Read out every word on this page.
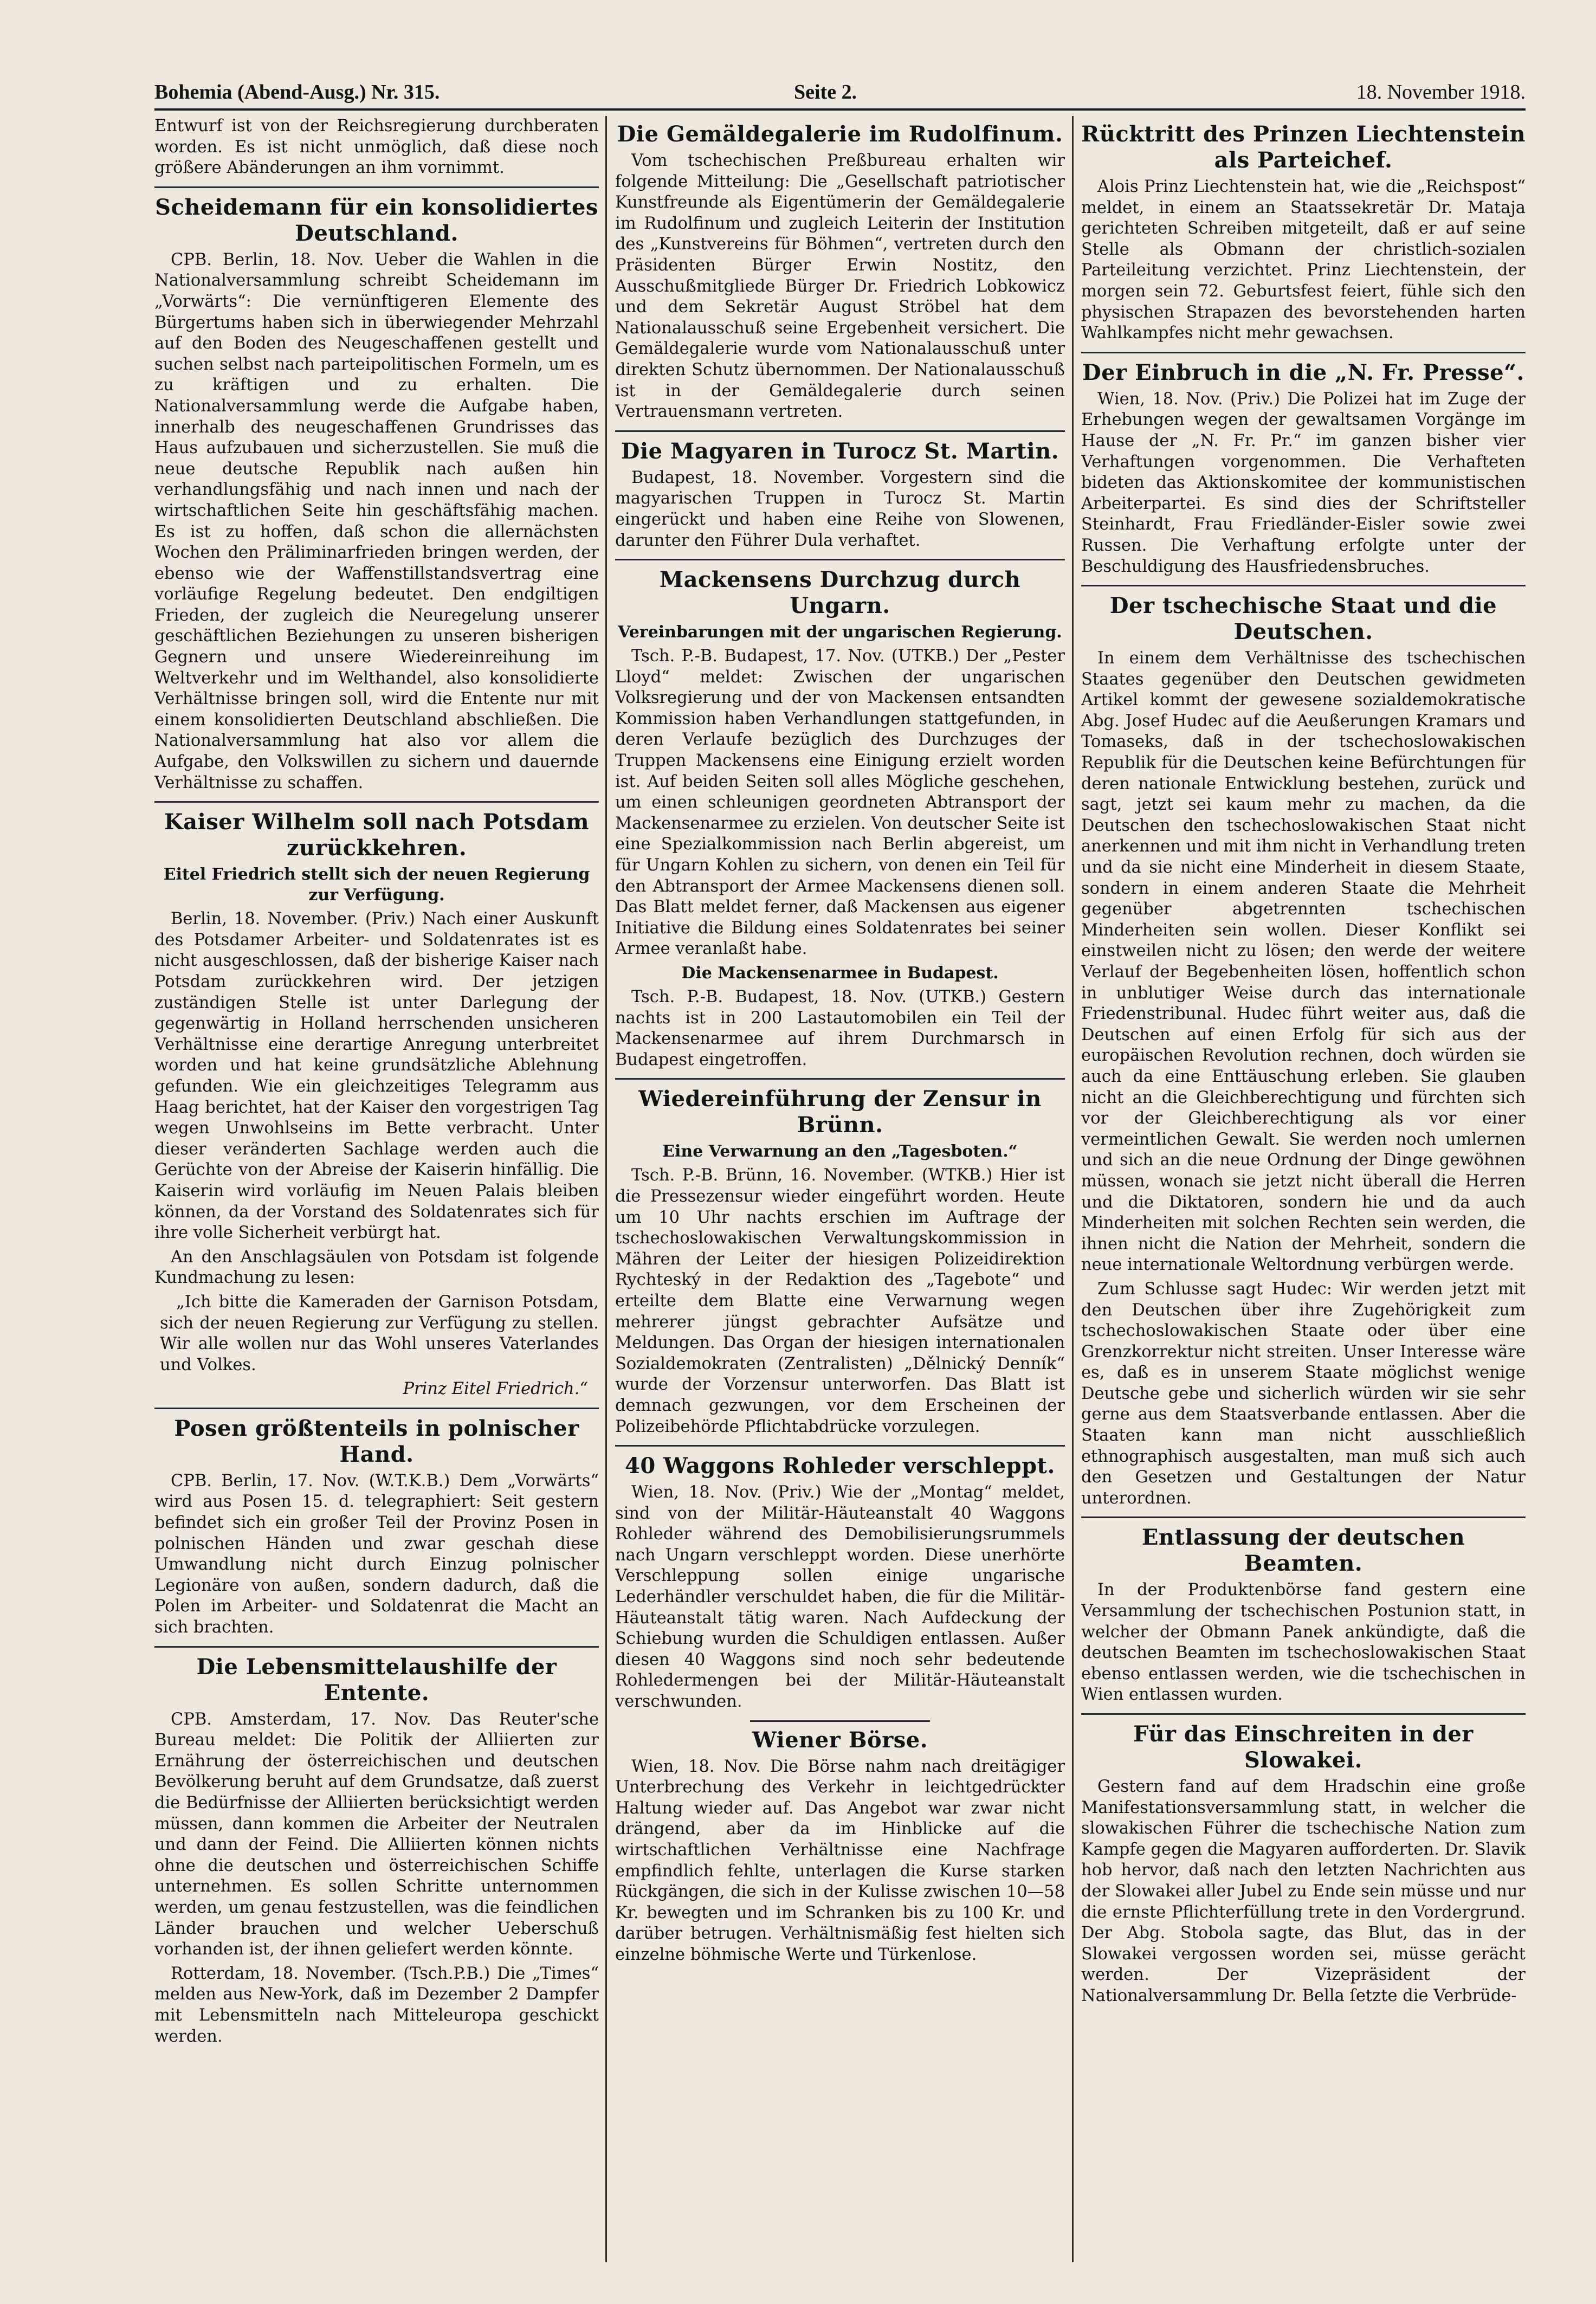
Bohemia (Abend-Ausg.) Nr. 315.	Seite 2.	18. November 1918.

Entwurf ist von der Reichsregierung durchberaten worden. Es ist nicht unmöglich, daß diese noch größere Abänderungen an ihm vornimmt.

Scheidemann für ein konsolidiertes Deutschland.

CPB. Berlin, 18. Nov. Ueber die Wahlen in die Nationalversammlung schreibt Scheidemann im „Vorwärts“: Die vernünftigeren Elemente des Bürgertums haben sich in überwiegender Mehrzahl auf den Boden des Neugeschaffenen gestellt und suchen selbst nach parteipolitischen Formeln, um es zu kräftigen und zu erhalten. Die Nationalversammlung werde die Aufgabe haben, innerhalb des neugeschaffenen Grundrisses das Haus aufzubauen und sicherzustellen. Sie muß die neue deutsche Republik nach außen hin verhandlungsfähig und nach innen und nach der wirtschaftlichen Seite hin geschäftsfähig machen. Es ist zu hoffen, daß schon die allernächsten Wochen den Präliminarfrieden bringen werden, der ebenso wie der Waffenstillstandsvertrag eine vorläufige Regelung bedeutet. Den endgiltigen Frieden, der zugleich die Neuregelung unserer geschäftlichen Beziehungen zu unseren bisherigen Gegnern und unsere Wiedereinreihung im Weltverkehr und im Welthandel, also konsolidierte Verhältnisse bringen soll, wird die Entente nur mit einem konsolidierten Deutschland abschließen. Die Nationalversammlung hat also vor allem die Aufgabe, den Volkswillen zu sichern und dauernde Verhältnisse zu schaffen.

Kaiser Wilhelm soll nach Potsdam zurückkehren.
Eitel Friedrich stellt sich der neuen Regierung zur Verfügung.

Berlin, 18. November. (Priv.) Nach einer Auskunft des Potsdamer Arbeiter- und Soldatenrates ist es nicht ausgeschlossen, daß der bisherige Kaiser nach Potsdam zurückkehren wird. Der jetzigen zuständigen Stelle ist unter Darlegung der gegenwärtig in Holland herrschenden unsicheren Verhältnisse eine derartige Anregung unterbreitet worden und hat keine grundsätzliche Ablehnung gefunden. Wie ein gleichzeitiges Telegramm aus Haag berichtet, hat der Kaiser den vorgestrigen Tag wegen Unwohlseins im Bette verbracht. Unter dieser veränderten Sachlage werden auch die Gerüchte von der Abreise der Kaiserin hinfällig. Die Kaiserin wird vorläufig im Neuen Palais bleiben können, da der Vorstand des Soldatenrates sich für ihre volle Sicherheit verbürgt hat.

An den Anschlagsäulen von Potsdam ist folgende Kundmachung zu lesen:

„Ich bitte die Kameraden der Garnison Potsdam, sich der neuen Regierung zur Verfügung zu stellen. Wir alle wollen nur das Wohl unseres Vaterlandes und Volkes.

Prinz Eitel Friedrich.“

Posen größtenteils in polnischer Hand.

CPB. Berlin, 17. Nov. (W.T.K.B.) Dem „Vorwärts“ wird aus Posen 15. d. telegraphiert: Seit gestern befindet sich ein großer Teil der Provinz Posen in polnischen Händen und zwar geschah diese Umwandlung nicht durch Einzug polnischer Legionäre von außen, sondern dadurch, daß die Polen im Arbeiter- und Soldatenrat die Macht an sich brachten.

Die Lebensmittelaushilfe der Entente.

CPB. Amsterdam, 17. Nov. Das Reuter'sche Bureau meldet: Die Politik der Alliierten zur Ernährung der österreichischen und deutschen Bevölkerung beruht auf dem Grundsatze, daß zuerst die Bedürfnisse der Alliierten berücksichtigt werden müssen, dann kommen die Arbeiter der Neutralen und dann der Feind. Die Alliierten können nichts ohne die deutschen und österreichischen Schiffe unternehmen. Es sollen Schritte unternommen werden, um genau festzustellen, was die feindlichen Länder brauchen und welcher Ueberschuß vorhanden ist, der ihnen geliefert werden könnte.

Rotterdam, 18. November. (Tsch.P.B.) Die „Times“ melden aus New-York, daß im Dezember 2 Dampfer mit Lebensmitteln nach Mitteleuropa geschickt werden.

Die Gemäldegalerie im Rudolfinum.

Vom tschechischen Preßbureau erhalten wir folgende Mitteilung: Die „Gesellschaft patriotischer Kunstfreunde als Eigentümerin der Gemäldegalerie im Rudolfinum und zugleich Leiterin der Institution des „Kunstvereins für Böhmen“, vertreten durch den Präsidenten Bürger Erwin Nostitz, den Ausschußmitgliede Bürger Dr. Friedrich Lobkowicz und dem Sekretär August Ströbel hat dem Nationalausschuß seine Ergebenheit versichert. Die Gemäldegalerie wurde vom Nationalausschuß unter direkten Schutz übernommen. Der Nationalausschuß ist in der Gemäldegalerie durch seinen Vertrauensmann vertreten.

Die Magyaren in Turocz St. Martin.

Budapest, 18. November. Vorgestern sind die magyarischen Truppen in Turocz St. Martin eingerückt und haben eine Reihe von Slowenen, darunter den Führer Dula verhaftet.

Mackensens Durchzug durch Ungarn.
Vereinbarungen mit der ungarischen Regierung.

Tsch. P.-B. Budapest, 17. Nov. (UTKB.) Der „Pester Lloyd“ meldet: Zwischen der ungarischen Volksregierung und der von Mackensen entsandten Kommission haben Verhandlungen stattgefunden, in deren Verlaufe bezüglich des Durchzuges der Truppen Mackensens eine Einigung erzielt worden ist. Auf beiden Seiten soll alles Mögliche geschehen, um einen schleunigen geordneten Abtransport der Mackensenarmee zu erzielen. Von deutscher Seite ist eine Spezialkommission nach Berlin abgereist, um für Ungarn Kohlen zu sichern, von denen ein Teil für den Abtransport der Armee Mackensens dienen soll. Das Blatt meldet ferner, daß Mackensen aus eigener Initiative die Bildung eines Soldatenrates bei seiner Armee veranlaßt habe.

Die Mackensenarmee in Budapest.

Tsch. P.-B. Budapest, 18. Nov. (UTKB.) Gestern nachts ist in 200 Lastautomobilen ein Teil der Mackensenarmee auf ihrem Durchmarsch in Budapest eingetroffen.

Wiedereinführung der Zensur in Brünn.
Eine Verwarnung an den „Tagesboten.“

Tsch. P.-B. Brünn, 16. November. (WTKB.) Hier ist die Pressezensur wieder eingeführt worden. Heute um 10 Uhr nachts erschien im Auftrage der tschechoslowakischen Verwaltungskommission in Mähren der Leiter der hiesigen Polizeidirektion Rychteský in der Redaktion des „Tagebote“ und erteilte dem Blatte eine Verwarnung wegen mehrerer jüngst gebrachter Aufsätze und Meldungen. Das Organ der hiesigen internationalen Sozialdemokraten (Zentralisten) „Dělnický Denník“ wurde der Vorzensur unterworfen. Das Blatt ist demnach gezwungen, vor dem Erscheinen der Polizeibehörde Pflichtabdrücke vorzulegen.

40 Waggons Rohleder verschleppt.

Wien, 18. Nov. (Priv.) Wie der „Montag“ meldet, sind von der Militär-Häuteanstalt 40 Waggons Rohleder während des Demobilisierungsrummels nach Ungarn verschleppt worden. Diese unerhörte Verschleppung sollen einige ungarische Lederhändler verschuldet haben, die für die Militär-Häuteanstalt tätig waren. Nach Aufdeckung der Schiebung wurden die Schuldigen entlassen. Außer diesen 40 Waggons sind noch sehr bedeutende Rohledermengen bei der Militär-Häuteanstalt verschwunden.

Wiener Börse.

Wien, 18. Nov. Die Börse nahm nach dreitägiger Unterbrechung des Verkehr in leichtgedrückter Haltung wieder auf. Das Angebot war zwar nicht drängend, aber da im Hinblicke auf die wirtschaftlichen Verhältnisse eine Nachfrage empfindlich fehlte, unterlagen die Kurse starken Rückgängen, die sich in der Kulisse zwischen 10—58 Kr. bewegten und im Schranken bis zu 100 Kr. und darüber betrugen. Verhältnismäßig fest hielten sich einzelne böhmische Werte und Türkenlose.

Rücktritt des Prinzen Liechtenstein als Parteichef.

Alois Prinz Liechtenstein hat, wie die „Reichspost“ meldet, in einem an Staatssekretär Dr. Mataja gerichteten Schreiben mitgeteilt, daß er auf seine Stelle als Obmann der christlich-sozialen Parteileitung verzichtet. Prinz Liechtenstein, der morgen sein 72. Geburtsfest feiert, fühle sich den physischen Strapazen des bevorstehenden harten Wahlkampfes nicht mehr gewachsen.

Der Einbruch in die „N. Fr. Presse“.

Wien, 18. Nov. (Priv.) Die Polizei hat im Zuge der Erhebungen wegen der gewaltsamen Vorgänge im Hause der „N. Fr. Pr.“ im ganzen bisher vier Verhaftungen vorgenommen. Die Verhafteten bideten das Aktionskomitee der kommunistischen Arbeiterpartei. Es sind dies der Schriftsteller Steinhardt, Frau Friedländer-Eisler sowie zwei Russen. Die Verhaftung erfolgte unter der Beschuldigung des Hausfriedensbruches.

Der tschechische Staat und die Deutschen.

In einem dem Verhältnisse des tschechischen Staates gegenüber den Deutschen gewidmeten Artikel kommt der gewesene sozialdemokratische Abg. Josef Hudec auf die Aeußerungen Kramars und Tomaseks, daß in der tschechoslowakischen Republik für die Deutschen keine Befürchtungen für deren nationale Entwicklung bestehen, zurück und sagt, jetzt sei kaum mehr zu machen, da die Deutschen den tschechoslowakischen Staat nicht anerkennen und mit ihm nicht in Verhandlung treten und da sie nicht eine Minderheit in diesem Staate, sondern in einem anderen Staate die Mehrheit gegenüber abgetrennten tschechischen Minderheiten sein wollen. Dieser Konflikt sei einstweilen nicht zu lösen; den werde der weitere Verlauf der Begebenheiten lösen, hoffentlich schon in unblutiger Weise durch das internationale Friedenstribunal. Hudec führt weiter aus, daß die Deutschen auf einen Erfolg für sich aus der europäischen Revolution rechnen, doch würden sie auch da eine Enttäuschung erleben. Sie glauben nicht an die Gleichberechtigung und fürchten sich vor der Gleichberechtigung als vor einer vermeintlichen Gewalt. Sie werden noch umlernen und sich an die neue Ordnung der Dinge gewöhnen müssen, wonach sie jetzt nicht überall die Herren und die Diktatoren, sondern hie und da auch Minderheiten mit solchen Rechten sein werden, die ihnen nicht die Nation der Mehrheit, sondern die neue internationale Weltordnung verbürgen werde.

Zum Schlusse sagt Hudec: Wir werden jetzt mit den Deutschen über ihre Zugehörigkeit zum tschechoslowakischen Staate oder über eine Grenzkorrektur nicht streiten. Unser Interesse wäre es, daß es in unserem Staate möglichst wenige Deutsche gebe und sicherlich würden wir sie sehr gerne aus dem Staatsverbande entlassen. Aber die Staaten kann man nicht ausschließlich ethnographisch ausgestalten, man muß sich auch den Gesetzen und Gestaltungen der Natur unterordnen.

Entlassung der deutschen Beamten.

In der Produktenbörse fand gestern eine Versammlung der tschechischen Postunion statt, in welcher der Obmann Panek ankündigte, daß die deutschen Beamten im tschechoslowakischen Staat ebenso entlassen werden, wie die tschechischen in Wien entlassen wurden.

Für das Einschreiten in der Slowakei.

Gestern fand auf dem Hradschin eine große Manifestationsversammlung statt, in welcher die slowakischen Führer die tschechische Nation zum Kampfe gegen die Magyaren aufforderten. Dr. Slavik hob hervor, daß nach den letzten Nachrichten aus der Slowakei aller Jubel zu Ende sein müsse und nur die ernste Pflichterfüllung trete in den Vordergrund. Der Abg. Stobola sagte, das Blut, das in der Slowakei vergossen worden sei, müsse gerächt werden. Der Vizepräsident der Nationalversammlung Dr. Bella ſetzte die Verbrüde-
